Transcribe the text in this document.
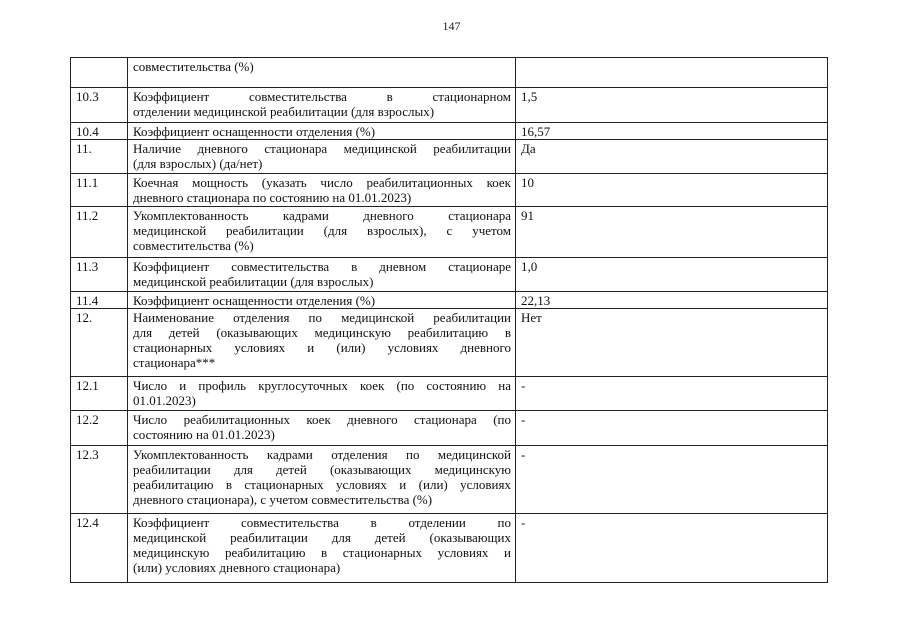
147

	совместительства (%)	

10.3	Коэффициент совместительства в стационарном
отделении медицинской реабилитации (для взрослых)	1,5
10.4	Коэффициент оснащенности отделения (%)	16,57
11.	Наличие дневного стационара медицинской реабилитации
(для взрослых) (да/нет)	Да
11.1	Коечная мощность (указать число реабилитационных коек
дневного стационара по состоянию на 01.01.2023)	10
11.2	Укомплектованность кадрами дневного стационара
медицинской реабилитации (для взрослых), с учетом
совместительства (%)	91
11.3	Коэффициент совместительства в дневном стационаре
медицинской реабилитации (для взрослых)	1,0
11.4	Коэффициент оснащенности отделения (%)	22,13
12.	Наименование отделения по медицинской реабилитации
для детей (оказывающих медицинскую реабилитацию в
стационарных условиях и (или) условиях дневного
стационара***	Нет
12.1	Число и профиль круглосуточных коек (по состоянию на
01.01.2023)	-
12.2	Число реабилитационных коек дневного стационара (по
состоянию на 01.01.2023)	-
12.3	Укомплектованность кадрами отделения по медицинской
реабилитации для детей (оказывающих медицинскую
реабилитацию в стационарных условиях и (или) условиях
дневного стационара), с учетом совместительства (%)	-
12.4	Коэффициент совместительства в отделении по
медицинской реабилитации для детей (оказывающих
медицинскую реабилитацию в стационарных условиях и
(или) условиях дневного стационара)	-
